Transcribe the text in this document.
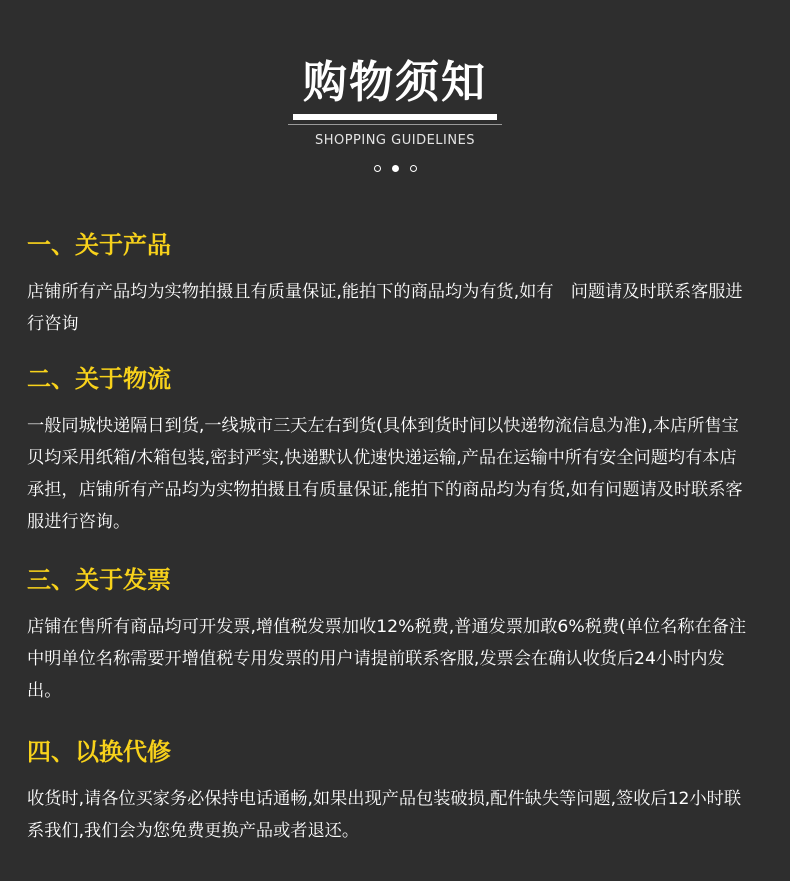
购物须知
SHOPPING GUIDELINES
一、关于产品

店铺所有产品均为实物拍摄且有质量保证,能拍下的商品均为有货,如有　问题请及时联系客服进行咨询

二、关于物流

一般同城快递隔日到货,一线城市三天左右到货(具体到货时间以快递物流信息为准),本店所售宝贝均采用纸箱/木箱包装,密封严实,快递默认优速快递运输,产品在运输中所有安全问题均有本店承担，店铺所有产品均为实物拍摄且有质量保证,能拍下的商品均为有货,如有问题请及时联系客服进行咨询。

三、关于发票

店铺在售所有商品均可开发票,增值税发票加收12%税费,普通发票加敢6%税费(单位名称在备注中明单位名称需要开增值税专用发票的用户请提前联系客服,发票会在确认收货后24小时内发出。

四、以换代修

收货时,请各位买家务必保持电话通畅,如果出现产品包装破损,配件缺失等问题,签收后12小时联系我们,我们会为您免费更换产品或者退还。
